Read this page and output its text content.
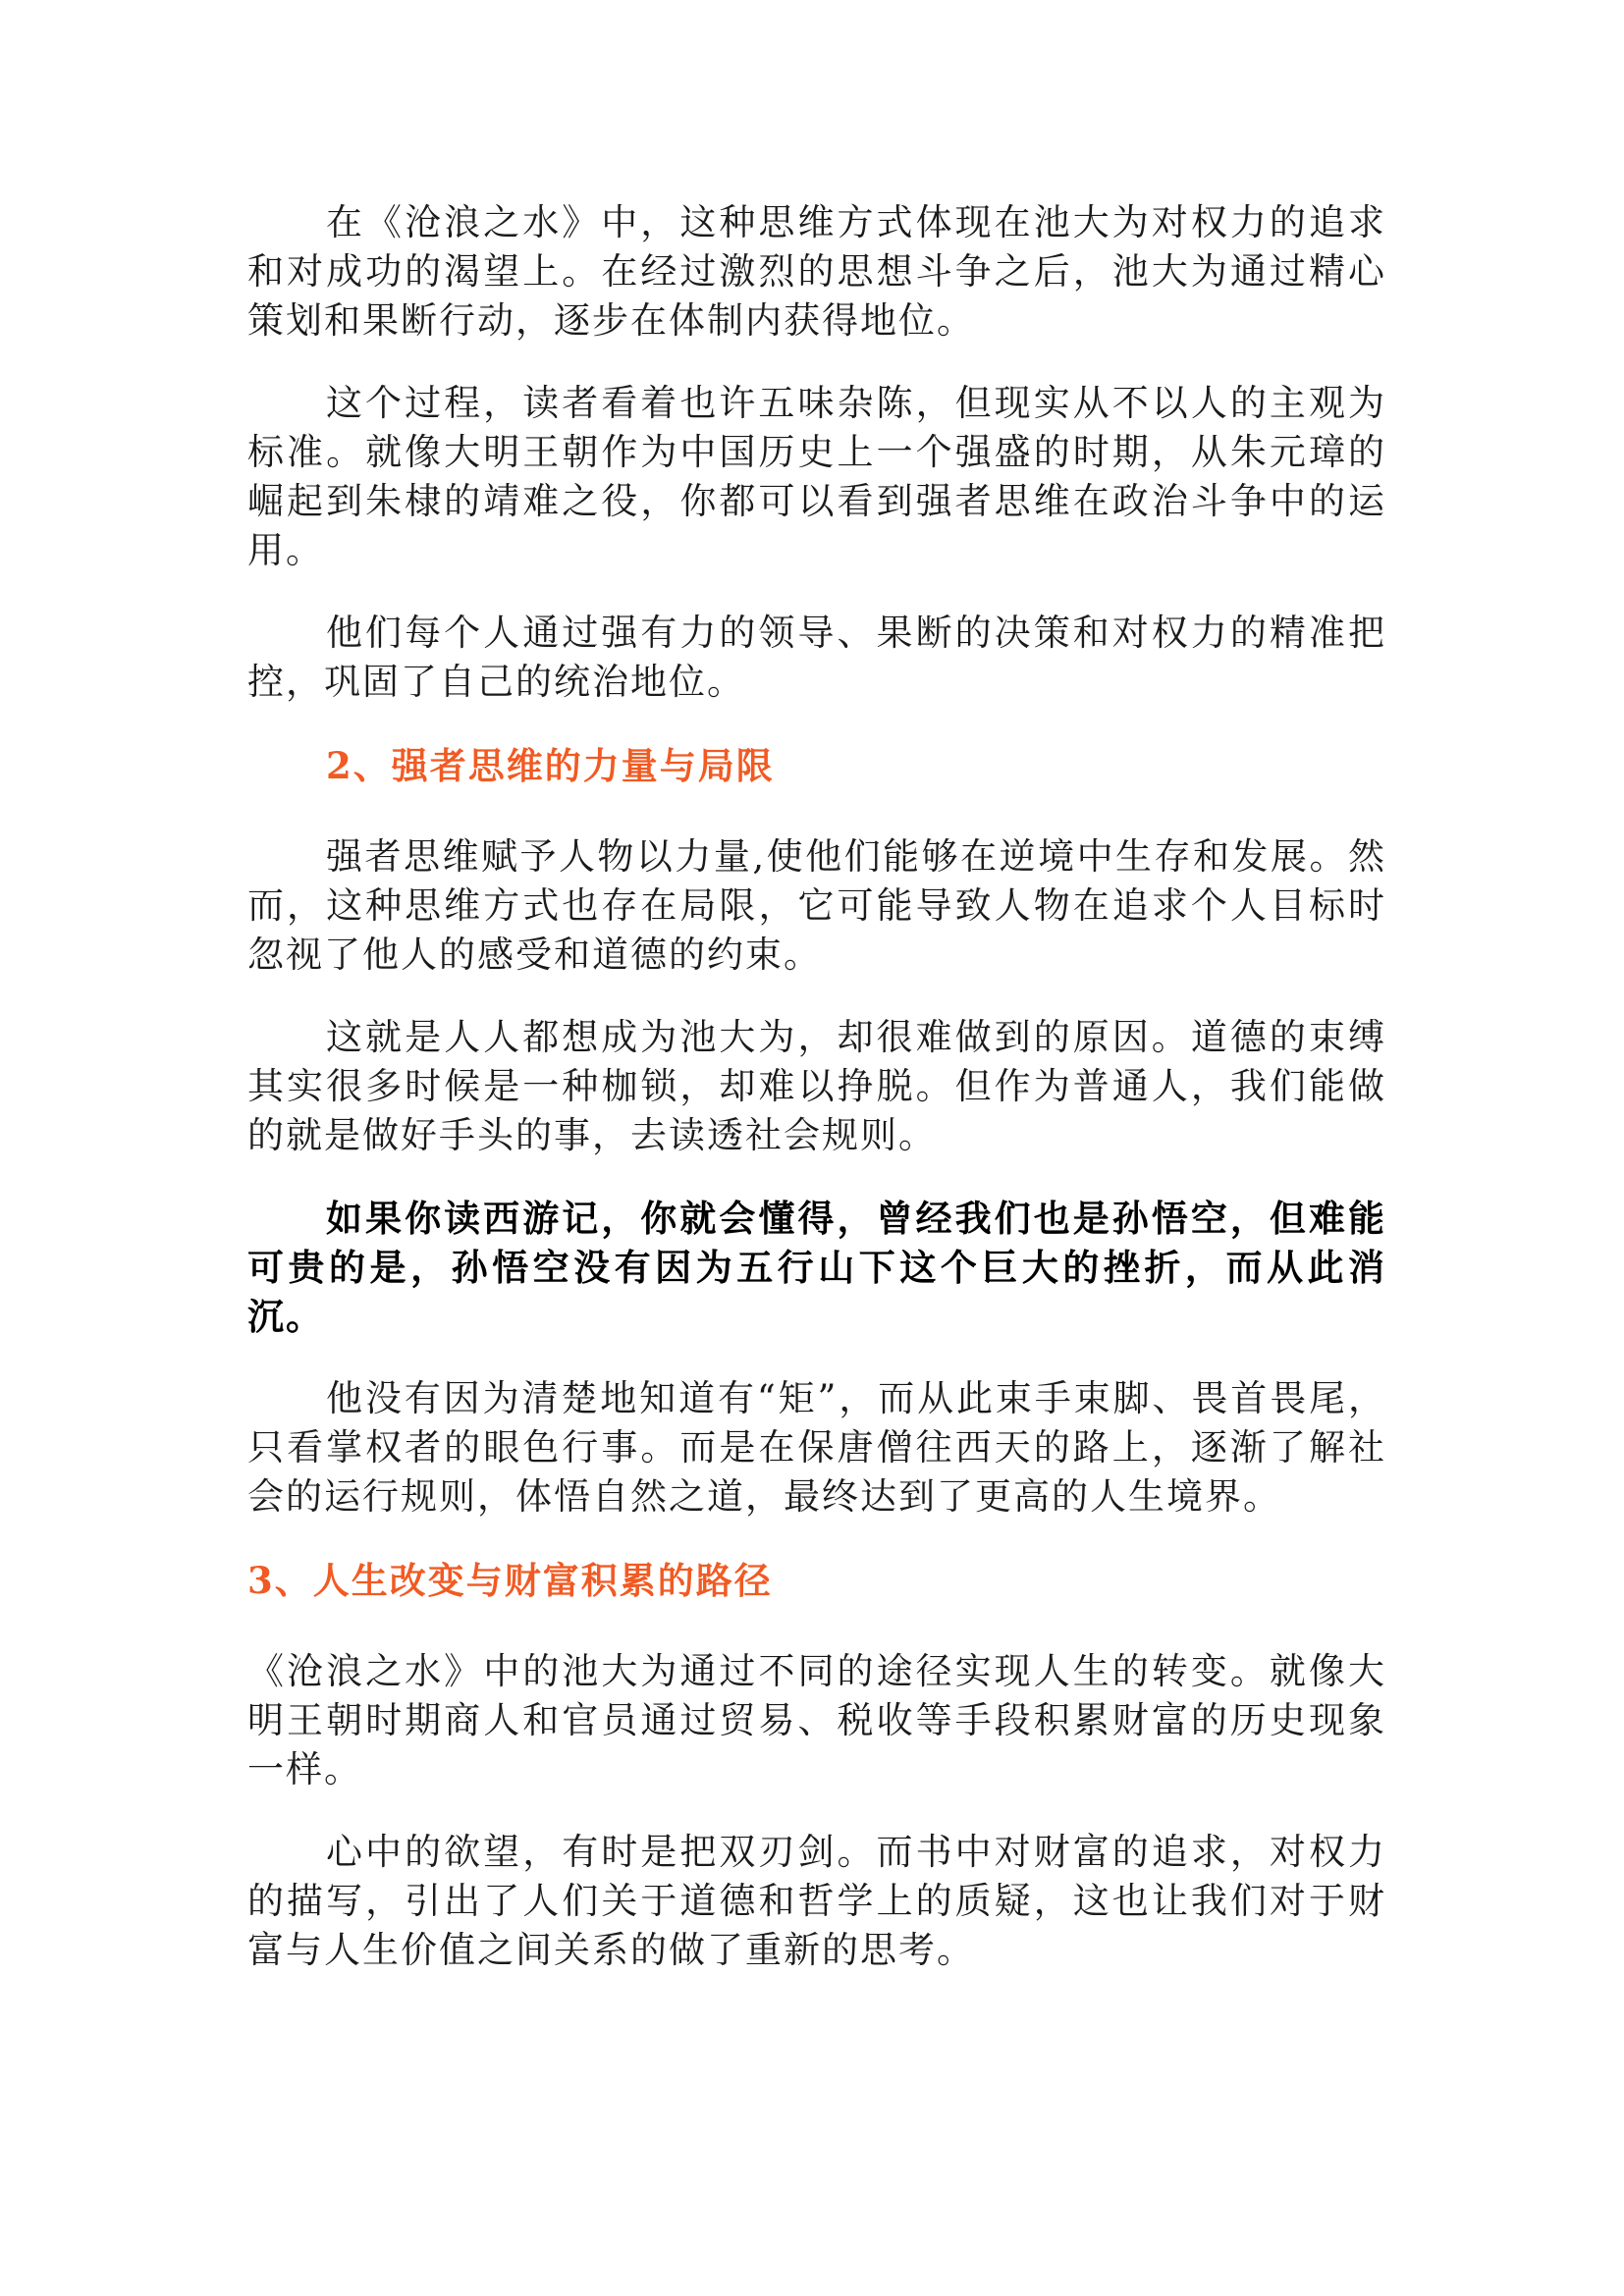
在《沧浪之水》中，这种思维方式体现在池大为对权力的追求和对成功的渴望上。在经过激烈的思想斗争之后，池大为通过精心策划和果断行动，逐步在体制内获得地位。

这个过程，读者看着也许五味杂陈，但现实从不以人的主观为标准。就像大明王朝作为中国历史上一个强盛的时期，从朱元璋的崛起到朱棣的靖难之役，你都可以看到强者思维在政治斗争中的运用。

他们每个人通过强有力的领导、果断的决策和对权力的精准把控，巩固了自己的统治地位。

2、强者思维的力量与局限

强者思维赋予人物以力量,使他们能够在逆境中生存和发展。然而，这种思维方式也存在局限，它可能导致人物在追求个人目标时忽视了他人的感受和道德的约束。

这就是人人都想成为池大为，却很难做到的原因。道德的束缚其实很多时候是一种枷锁，却难以挣脱。但作为普通人，我们能做的就是做好手头的事，去读透社会规则。

如果你读西游记，你就会懂得，曾经我们也是孙悟空，但难能可贵的是，孙悟空没有因为五行山下这个巨大的挫折，而从此消沉。

他没有因为清楚地知道有“矩”，而从此束手束脚、畏首畏尾，只看掌权者的眼色行事。而是在保唐僧往西天的路上，逐渐了解社会的运行规则，体悟自然之道，最终达到了更高的人生境界。

3、人生改变与财富积累的路径

《沧浪之水》中的池大为通过不同的途径实现人生的转变。就像大明王朝时期商人和官员通过贸易、税收等手段积累财富的历史现象一样。

心中的欲望，有时是把双刃剑。而书中对财富的追求，对权力的描写，引出了人们关于道德和哲学上的质疑，这也让我们对于财富与人生价值之间关系的做了重新的思考。
